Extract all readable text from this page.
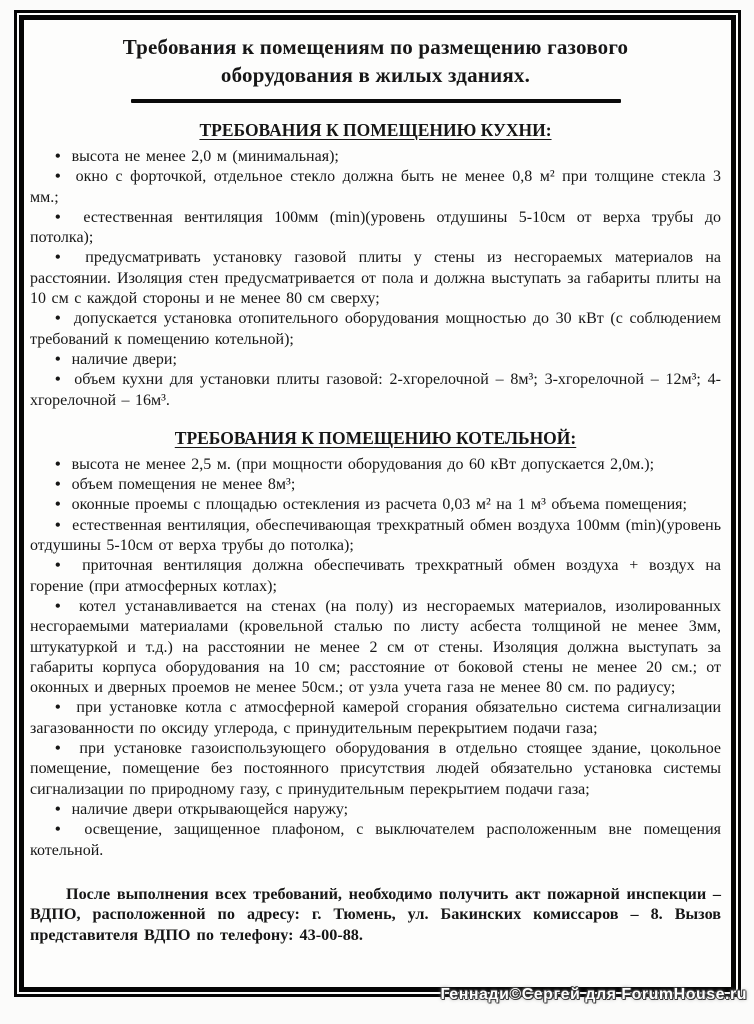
Требования к помещениям по размещению газового оборудования в жилых зданиях.
ТРЕБОВАНИЯ К ПОМЕЩЕНИЮ КУХНИ:
•  высота не менее 2,0 м (минимальная);
•  окно с форточкой, отдельное стекло должна быть не менее 0,8 м² при толщине стекла 3 мм.;
•  естественная вентиляция 100мм (min)(уровень отдушины 5-10см от верха трубы до потолка);
•  предусматривать установку газовой плиты у стены из несгораемых материалов на расстоянии. Изоляция стен предусматривается от пола и должна выступать за габариты плиты на 10 см с каждой стороны и не менее 80 см сверху;
•  допускается установка отопительного оборудования мощностью до 30 кВт (с соблюдением требований к помещению котельной);
•  наличие двери;
•  объем кухни для установки плиты газовой: 2-хгорелочной – 8м³; 3-хгорелочной – 12м³; 4-хгорелочной – 16м³.
ТРЕБОВАНИЯ К ПОМЕЩЕНИЮ КОТЕЛЬНОЙ:
•  высота не менее 2,5 м. (при мощности оборудования до 60 кВт допускается 2,0м.);
•  объем помещения не менее 8м³;
•  оконные проемы с площадью остекления из расчета 0,03 м² на 1 м³ объема помещения;
•  естественная вентиляция, обеспечивающая трехкратный обмен воздуха 100мм (min)(уровень отдушины 5-10см от верха трубы до потолка);
•  приточная вентиляция должна обеспечивать трехкратный обмен воздуха + воздух на горение (при атмосферных котлах);
•  котел устанавливается на стенах (на полу) из несгораемых материалов, изолированных несгораемыми материалами (кровельной сталью по листу асбеста толщиной не менее 3мм, штукатуркой и т.д.) на расстоянии не менее 2 см от стены. Изоляция должна выступать за габариты корпуса оборудования на 10 см; расстояние от боковой стены не менее 20 см.; от оконных и дверных проемов не менее 50см.; от узла учета газа не менее 80 см. по радиусу;
•  при установке котла с атмосферной камерой сгорания обязательно система сигнализации загазованности по оксиду углерода, с принудительным перекрытием подачи газа;
•  при установке газоиспользующего оборудования в отдельно стоящее здание, цокольное помещение, помещение без постоянного присутствия людей обязательно установка системы сигнализации по природному газу, с принудительным перекрытием подачи газа;
•  наличие двери открывающейся наружу;
•  освещение, защищенное плафоном, с выключателем расположенным вне помещения котельной.

После выполнения всех требований, необходимо получить акт пожарной инспекции – ВДПО, расположенной по адресу: г. Тюмень, ул. Бакинских комиссаров – 8. Вызов представителя ВДПО по телефону: 43-00-88.

Геннади©Сергей для ForumHouse.ru
